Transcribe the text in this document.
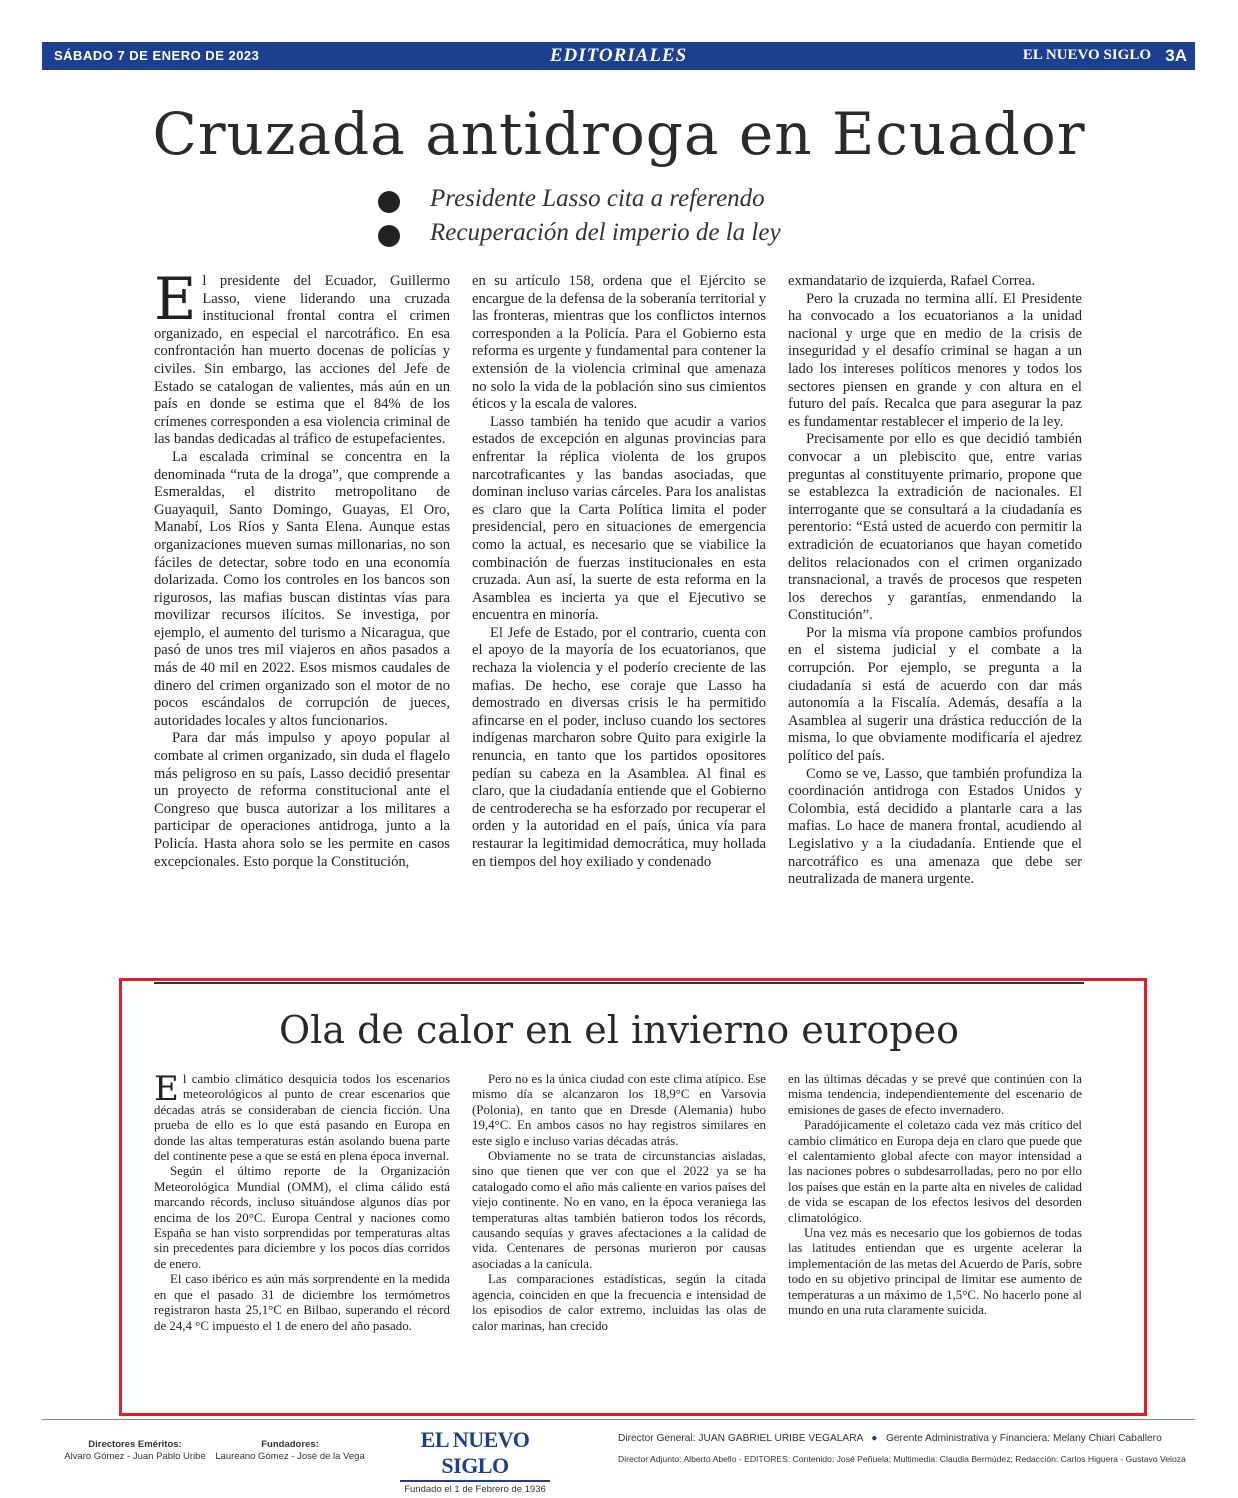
SÁBADO 7 DE ENERO DE 2023	EDITORIALES	EL NUEVO SIGLO 3A
Cruzada antidroga en Ecuador
Presidente Lasso cita a referendo
Recuperación del imperio de la ley

El presidente del Ecuador, Guillermo Lasso, viene liderando una cruzada institucional frontal contra el crimen organizado, en especial el narcotráfico. En esa confrontación han muerto docenas de policías y civiles. Sin embargo, las acciones del Jefe de Estado se catalogan de valientes, más aún en un país en donde se estima que el 84% de los crímenes corresponden a esa violencia criminal de las bandas dedicadas al tráfico de estupefacientes.

La escalada criminal se concentra en la denominada “ruta de la droga”, que comprende a Esmeraldas, el distrito metropolitano de Guayaquil, Santo Domingo, Guayas, El Oro, Manabí, Los Ríos y Santa Elena. Aunque estas organizaciones mueven sumas millonarias, no son fáciles de detectar, sobre todo en una economía dolarizada. Como los controles en los bancos son rigurosos, las mafias buscan distintas vías para movilizar recursos ilícitos. Se investiga, por ejemplo, el aumento del turismo a Nicaragua, que pasó de unos tres mil viajeros en años pasados a más de 40 mil en 2022. Esos mismos caudales de dinero del crimen organizado son el motor de no pocos escándalos de corrupción de jueces, autoridades locales y altos funcionarios.

Para dar más impulso y apoyo popular al combate al crimen organizado, sin duda el flagelo más peligroso en su país, Lasso decidió presentar un proyecto de reforma constitucional ante el Congreso que busca autorizar a los militares a participar de operaciones antidroga, junto a la Policía. Hasta ahora solo se les permite en casos excepcionales. Esto porque la Constitución,

en su artículo 158, ordena que el Ejército se encargue de la defensa de la soberanía territorial y las fronteras, mientras que los conflictos internos corresponden a la Policía. Para el Gobierno esta reforma es urgente y fundamental para contener la extensión de la violencia criminal que amenaza no solo la vida de la población sino sus cimientos éticos y la escala de valores.

Lasso también ha tenido que acudir a varios estados de excepción en algunas provincias para enfrentar la réplica violenta de los grupos narcotraficantes y las bandas asociadas, que dominan incluso varias cárceles. Para los analistas es claro que la Carta Política limita el poder presidencial, pero en situaciones de emergencia como la actual, es necesario que se viabilice la combinación de fuerzas institucionales en esta cruzada. Aun así, la suerte de esta reforma en la Asamblea es incierta ya que el Ejecutivo se encuentra en minoría.

El Jefe de Estado, por el contrario, cuenta con el apoyo de la mayoría de los ecuatorianos, que rechaza la violencia y el poderío creciente de las mafias. De hecho, ese coraje que Lasso ha demostrado en diversas crisis le ha permitido afincarse en el poder, incluso cuando los sectores indígenas marcharon sobre Quito para exigirle la renuncia, en tanto que los partidos opositores pedían su cabeza en la Asamblea. Al final es claro, que la ciudadanía entiende que el Gobierno de centroderecha se ha esforzado por recuperar el orden y la autoridad en el país, única vía para restaurar la legitimidad democrática, muy hollada en tiempos del hoy exiliado y condenado

exmandatario de izquierda, Rafael Correa.

Pero la cruzada no termina allí. El Presidente ha convocado a los ecuatorianos a la unidad nacional y urge que en medio de la crisis de inseguridad y el desafío criminal se hagan a un lado los intereses políticos menores y todos los sectores piensen en grande y con altura en el futuro del país. Recalca que para asegurar la paz es fundamentar restablecer el imperio de la ley.

Precisamente por ello es que decidió también convocar a un plebiscito que, entre varias preguntas al constituyente primario, propone que se establezca la extradición de nacionales. El interrogante que se consultará a la ciudadanía es perentorio: “Está usted de acuerdo con permitir la extradición de ecuatorianos que hayan cometido delitos relacionados con el crimen organizado transnacional, a través de procesos que respeten los derechos y garantías, enmendando la Constitución”.

Por la misma vía propone cambios profundos en el sistema judicial y el combate a la corrupción. Por ejemplo, se pregunta a la ciudadanía si está de acuerdo con dar más autonomía a la Fiscalía. Además, desafía a la Asamblea al sugerir una drástica reducción de la misma, lo que obviamente modificaría el ajedrez político del país.

Como se ve, Lasso, que también profundiza la coordinación antidroga con Estados Unidos y Colombia, está decidido a plantarle cara a las mafias. Lo hace de manera frontal, acudiendo al Legislativo y a la ciudadanía. Entiende que el narcotráfico es una amenaza que debe ser neutralizada de manera urgente.

Ola de calor en el invierno europeo

El cambio climático desquicia todos los escenarios meteorológicos al punto de crear escenarios que décadas atrás se consideraban de ciencia ficción. Una prueba de ello es lo que está pasando en Europa en donde las altas temperaturas están asolando buena parte del continente pese a que se está en plena época invernal.

Según el último reporte de la Organización Meteorológica Mundial (OMM), el clima cálido está marcando récords, incluso situándose algunos días por encima de los 20°C. Europa Central y naciones como España se han visto sorprendidas por temperaturas altas sin precedentes para diciembre y los pocos días corridos de enero.

El caso ibérico es aún más sorprendente en la medida en que el pasado 31 de diciembre los termómetros registraron hasta 25,1°C en Bilbao, superando el récord de 24,4 °C impuesto el 1 de enero del año pasado.

Pero no es la única ciudad con este clima atípico. Ese mismo día se alcanzaron los 18,9°C en Varsovia (Polonia), en tanto que en Dresde (Alemania) hubo 19,4°C. En ambos casos no hay registros similares en este siglo e incluso varias décadas atrás.

Obviamente no se trata de circunstancias aisladas, sino que tienen que ver con que el 2022 ya se ha catalogado como el año más caliente en varios países del viejo continente. No en vano, en la época veraniega las temperaturas altas también batieron todos los récords, causando sequías y graves afectaciones a la calidad de vida. Centenares de personas murieron por causas asociadas a la canícula.

Las comparaciones estadísticas, según la citada agencia, coinciden en que la frecuencia e intensidad de los episodios de calor extremo, incluidas las olas de calor marinas, han crecido

en las últimas décadas y se prevé que continúen con la misma tendencia, independientemente del escenario de emisiones de gases de efecto invernadero.

Paradójicamente el coletazo cada vez más crítico del cambio climático en Europa deja en claro que puede que el calentamiento global afecte con mayor intensidad a las naciones pobres o subdesarrolladas, pero no por ello los países que están en la parte alta en niveles de calidad de vida se escapan de los efectos lesivos del desorden climatológico.

Una vez más es necesario que los gobiernos de todas las latitudes entiendan que es urgente acelerar la implementación de las metas del Acuerdo de París, sobre todo en su objetivo principal de limitar ese aumento de temperaturas a un máximo de 1,5°C. No hacerlo pone al mundo en una ruta claramente suicida.

Directores Eméritos:
Alvaro Gómez - Juan Pablo Uribe
Fundadores:
Laureano Gómez - José de la Vega
EL NUEVO SIGLO
Fundado el 1 de Febrero de 1936
Director General: JUAN GABRIEL URIBE VEGALARA   ●   Gerente Administrativa y Financiera: Melany Chiari Caballero
Director Adjunto: Alberto Abello - EDITORES: Contenido: José Peñuela; Multimedia: Claudia Bermúdez; Redacción: Carlos Higuera - Gustavo Veloza
